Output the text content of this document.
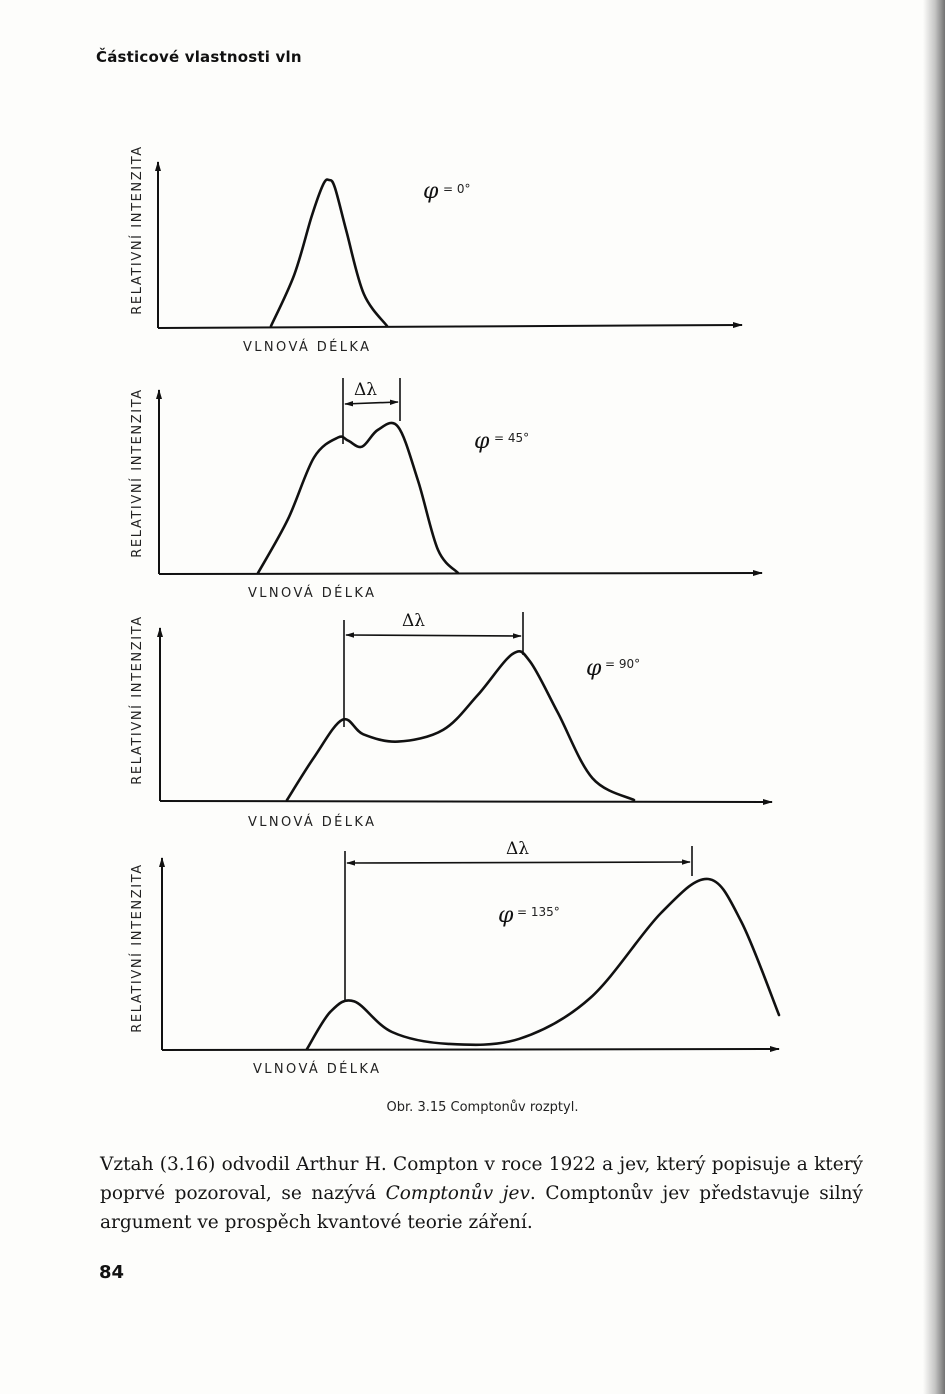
Částicové vlastnosti vln
RELATIVNÍ INTENZITA
VLNOVÁ DÉLKA
φ = 0°
RELATIVNÍ INTENZITA
VLNOVÁ DÉLKA
Δλ
φ = 45°
RELATIVNÍ INTENZITA
VLNOVÁ DÉLKA
Δλ
φ = 90°
RELATIVNÍ INTENZITA
VLNOVÁ DÉLKA
Δλ
φ = 135°
Obr. 3.15 Comptonův rozptyl.
Vztah (3.16) odvodil Arthur H. Compton v roce 1922 a jev, který popisuje a který poprvé pozoroval, se nazývá Comptonův jev. Comptonův jev představuje silný argument ve prospěch kvantové teorie záření.
84
